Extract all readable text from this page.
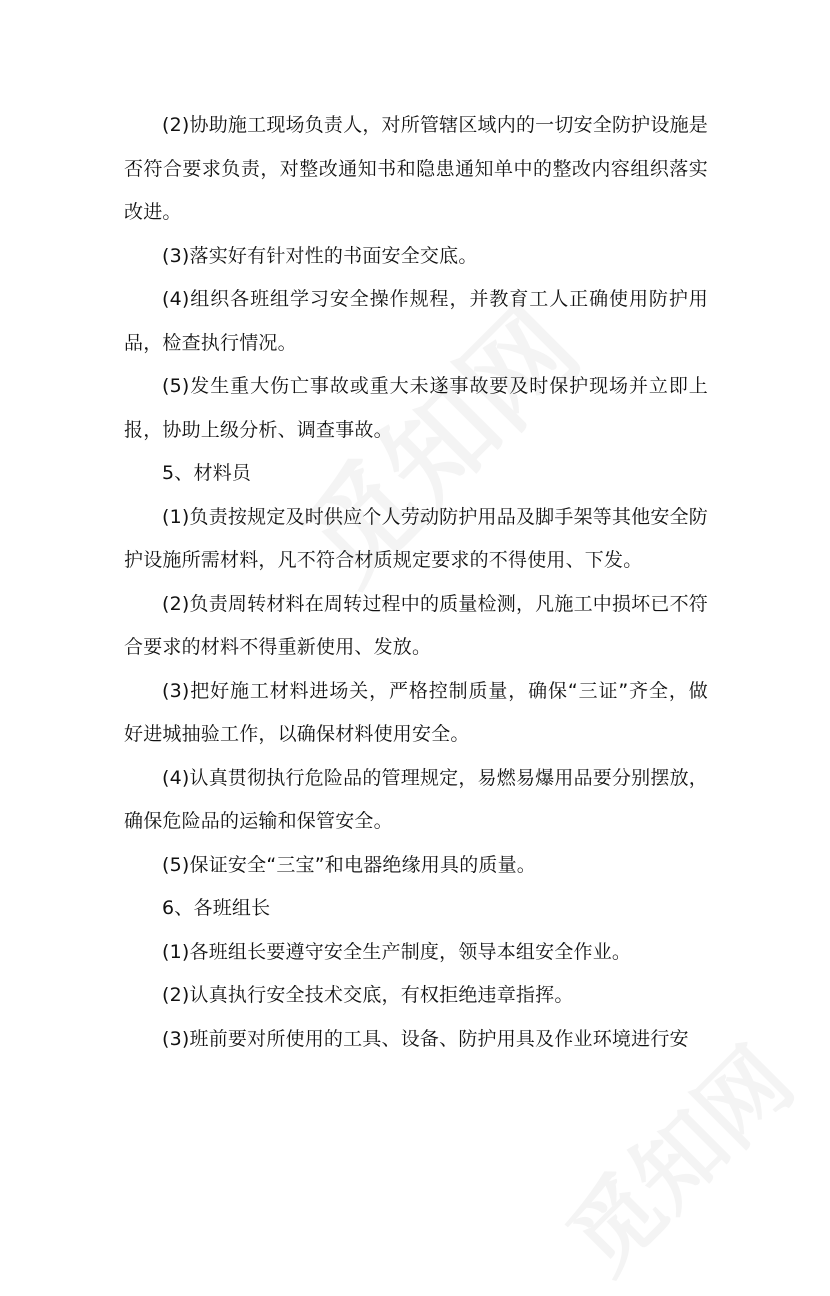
(2)协助施工现场负责人，对所管辖区域内的一切安全防护设施是否符合要求负责，对整改通知书和隐患通知单中的整改内容组织落实改进。

(3)落实好有针对性的书面安全交底。

(4)组织各班组学习安全操作规程，并教育工人正确使用防护用品，检查执行情况。

(5)发生重大伤亡事故或重大未遂事故要及时保护现场并立即上报，协助上级分析、调查事故。

5、材料员

(1)负责按规定及时供应个人劳动防护用品及脚手架等其他安全防护设施所需材料，凡不符合材质规定要求的不得使用、下发。

(2)负责周转材料在周转过程中的质量检测，凡施工中损坏已不符合要求的材料不得重新使用、发放。

(3)把好施工材料进场关，严格控制质量，确保“三证”齐全，做好进城抽验工作，以确保材料使用安全。

(4)认真贯彻执行危险品的管理规定，易燃易爆用品要分别摆放，确保危险品的运输和保管安全。

(5)保证安全“三宝”和电器绝缘用具的质量。

6、各班组长

(1)各班组长要遵守安全生产制度，领导本组安全作业。

(2)认真执行安全技术交底，有权拒绝违章指挥。

(3)班前要对所使用的工具、设备、防护用具及作业环境进行安
